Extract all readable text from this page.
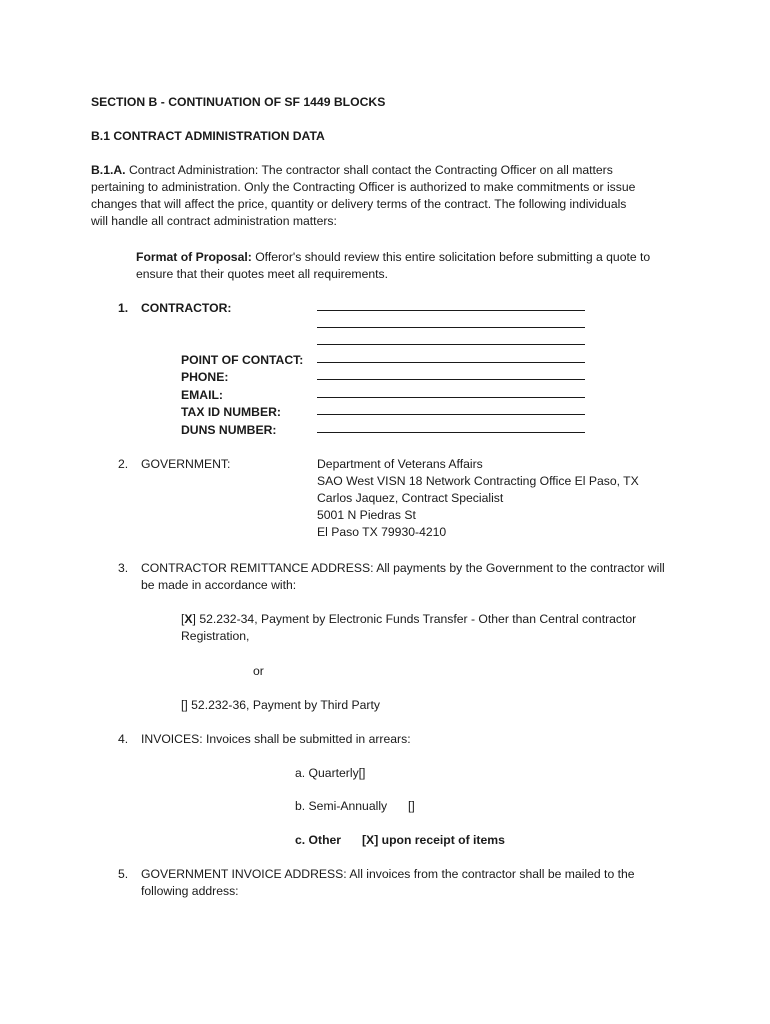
SECTION B - CONTINUATION OF SF 1449 BLOCKS
B.1 CONTRACT ADMINISTRATION DATA
B.1.A. Contract Administration: The contractor shall contact the Contracting Officer on all matters
pertaining to administration. Only the Contracting Officer is authorized to make commitments or issue
changes that will affect the price, quantity or delivery terms of the contract. The following individuals
will handle all contract administration matters:
Format of Proposal: Offeror's should review this entire solicitation before submitting a quote to
ensure that their quotes meet all requirements.
1. CONTRACTOR:
POINT OF CONTACT:
PHONE:
EMAIL:
TAX ID NUMBER:
DUNS NUMBER:
2. GOVERNMENT:	Department of Veterans Affairs
SAO West VISN 18 Network Contracting Office El Paso, TX
Carlos Jaquez, Contract Specialist
5001 N Piedras St
El Paso TX 79930-4210
3. CONTRACTOR REMITTANCE ADDRESS: All payments by the Government to the contractor will
be made in accordance with:
[X] 52.232-34, Payment by Electronic Funds Transfer - Other than Central contractor
Registration,
or
[] 52.232-36, Payment by Third Party
4. INVOICES: Invoices shall be submitted in arrears:
a. Quarterly[]
b. Semi-Annually []
c. Other [X] upon receipt of items
5. GOVERNMENT INVOICE ADDRESS: All invoices from the contractor shall be mailed to the
following address:
